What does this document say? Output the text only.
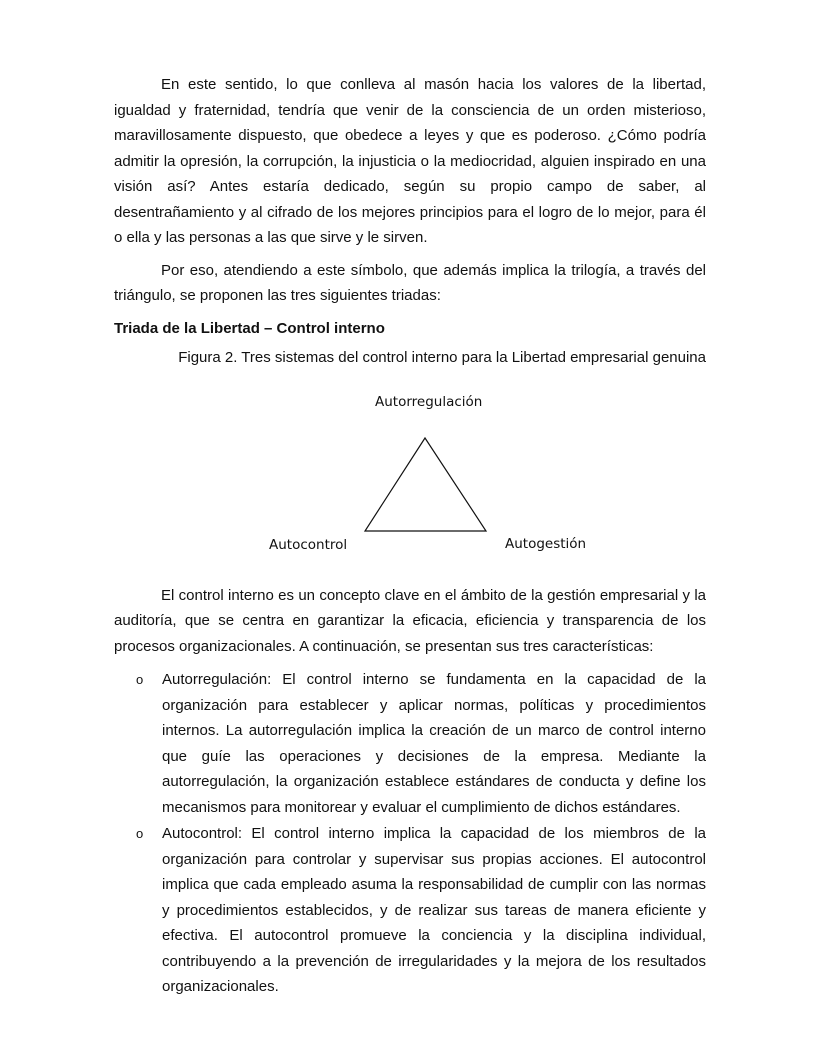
En este sentido, lo que conlleva al masón hacia los valores de la libertad, igualdad y fraternidad, tendría que venir de la consciencia de un orden misterioso, maravillosamente dispuesto, que obedece a leyes y que es poderoso. ¿Cómo podría admitir la opresión, la corrupción, la injusticia o la mediocridad, alguien inspirado en una visión así? Antes estaría dedicado, según su propio campo de saber, al desentrañamiento y al cifrado de los mejores principios para el logro de lo mejor, para él o ella y las personas a las que sirve y le sirven.

Por eso, atendiendo a este símbolo, que además implica la trilogía, a través del triángulo, se proponen las tres siguientes triadas:

Triada de la Libertad – Control interno

Figura 2. Tres sistemas del control interno para la Libertad empresarial genuina

Autorregulación
Autocontrol	Autogestión

El control interno es un concepto clave en el ámbito de la gestión empresarial y la auditoría, que se centra en garantizar la eficacia, eficiencia y transparencia de los procesos organizacionales. A continuación, se presentan sus tres características:

o Autorregulación: El control interno se fundamenta en la capacidad de la organización para establecer y aplicar normas, políticas y procedimientos internos. La autorregulación implica la creación de un marco de control interno que guíe las operaciones y decisiones de la empresa. Mediante la autorregulación, la organización establece estándares de conducta y define los mecanismos para monitorear y evaluar el cumplimiento de dichos estándares.
o Autocontrol: El control interno implica la capacidad de los miembros de la organización para controlar y supervisar sus propias acciones. El autocontrol implica que cada empleado asuma la responsabilidad de cumplir con las normas y procedimientos establecidos, y de realizar sus tareas de manera eficiente y efectiva. El autocontrol promueve la conciencia y la disciplina individual, contribuyendo a la prevención de irregularidades y la mejora de los resultados organizacionales.
